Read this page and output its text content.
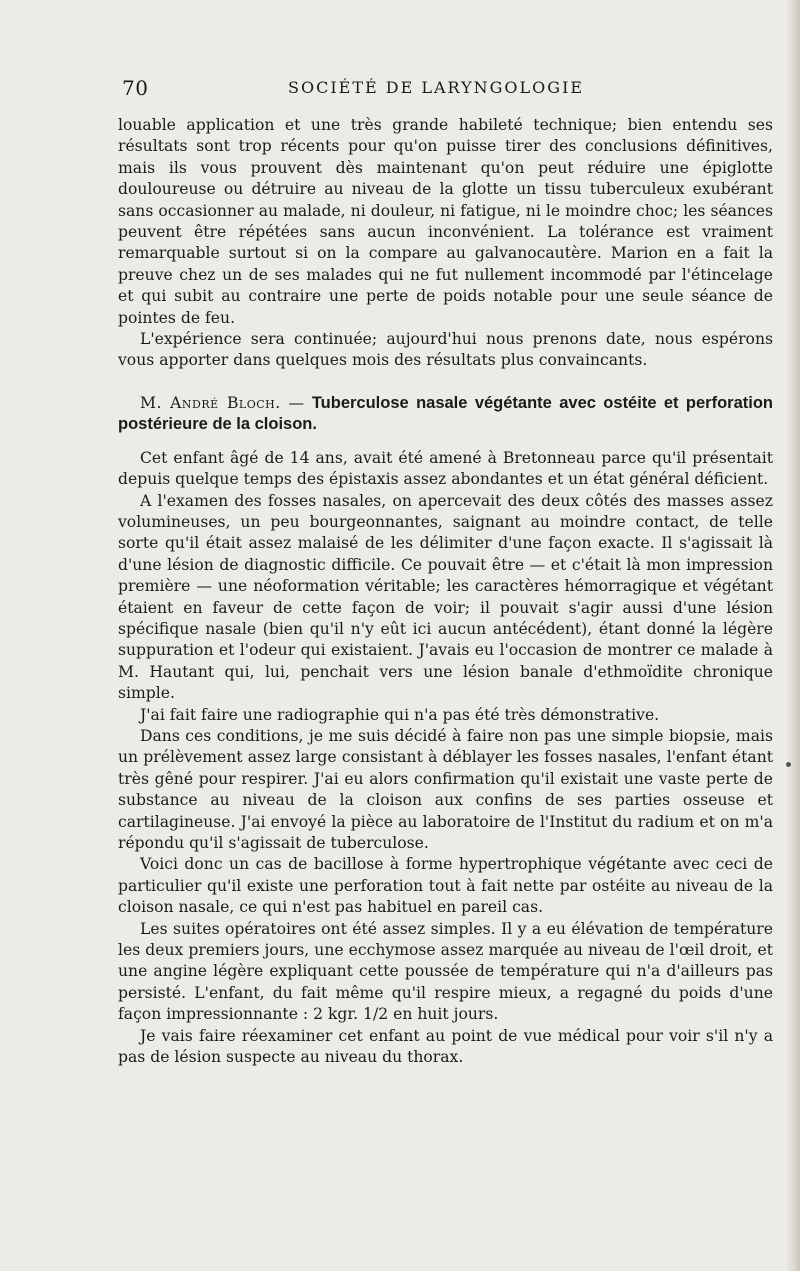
70	SOCIÉTÉ DE LARYNGOLOGIE

louable application et une très grande habileté technique; bien entendu ses résultats sont trop récents pour qu'on puisse tirer des conclusions définitives, mais ils vous prouvent dès maintenant qu'on peut réduire une épiglotte douloureuse ou détruire au niveau de la glotte un tissu tuberculeux exubérant sans occasionner au malade, ni douleur, ni fatigue, ni le moindre choc; les séances peuvent être répétées sans aucun inconvénient. La tolérance est vraiment remarquable surtout si on la compare au galvanocautère. Marion en a fait la preuve chez un de ses malades qui ne fut nullement incommodé par l'étincelage et qui subit au contraire une perte de poids notable pour une seule séance de pointes de feu.

L'expérience sera continuée; aujourd'hui nous prenons date, nous espérons vous apporter dans quelques mois des résultats plus convaincants.

M. André Bloch. — Tuberculose nasale végétante avec ostéite et perforation postérieure de la cloison.

Cet enfant âgé de 14 ans, avait été amené à Bretonneau parce qu'il présentait depuis quelque temps des épistaxis assez abondantes et un état général déficient.

A l'examen des fosses nasales, on apercevait des deux côtés des masses assez volumineuses, un peu bourgeonnantes, saignant au moindre contact, de telle sorte qu'il était assez malaisé de les délimiter d'une façon exacte. Il s'agissait là d'une lésion de diagnostic difficile. Ce pouvait être — et c'était là mon impression première — une néoformation véritable; les caractères hémorragique et végétant étaient en faveur de cette façon de voir; il pouvait s'agir aussi d'une lésion spécifique nasale (bien qu'il n'y eût ici aucun antécédent), étant donné la légère suppuration et l'odeur qui existaient. J'avais eu l'occasion de montrer ce malade à M. Hautant qui, lui, penchait vers une lésion banale d'ethmoïdite chronique simple.

J'ai fait faire une radiographie qui n'a pas été très démonstrative.

Dans ces conditions, je me suis décidé à faire non pas une simple biopsie, mais un prélèvement assez large consistant à déblayer les fosses nasales, l'enfant étant très gêné pour respirer. J'ai eu alors confirmation qu'il existait une vaste perte de substance au niveau de la cloison aux confins de ses parties osseuse et cartilagineuse. J'ai envoyé la pièce au laboratoire de l'Institut du radium et on m'a répondu qu'il s'agissait de tuberculose.

Voici donc un cas de bacillose à forme hypertrophique végétante avec ceci de particulier qu'il existe une perforation tout à fait nette par ostéite au niveau de la cloison nasale, ce qui n'est pas habituel en pareil cas.

Les suites opératoires ont été assez simples. Il y a eu élévation de température les deux premiers jours, une ecchymose assez marquée au niveau de l'œil droit, et une angine légère expliquant cette poussée de température qui n'a d'ailleurs pas persisté. L'enfant, du fait même qu'il respire mieux, a regagné du poids d'une façon impressionnante : 2 kgr. 1/2 en huit jours.

Je vais faire réexaminer cet enfant au point de vue médical pour voir s'il n'y a pas de lésion suspecte au niveau du thorax.
